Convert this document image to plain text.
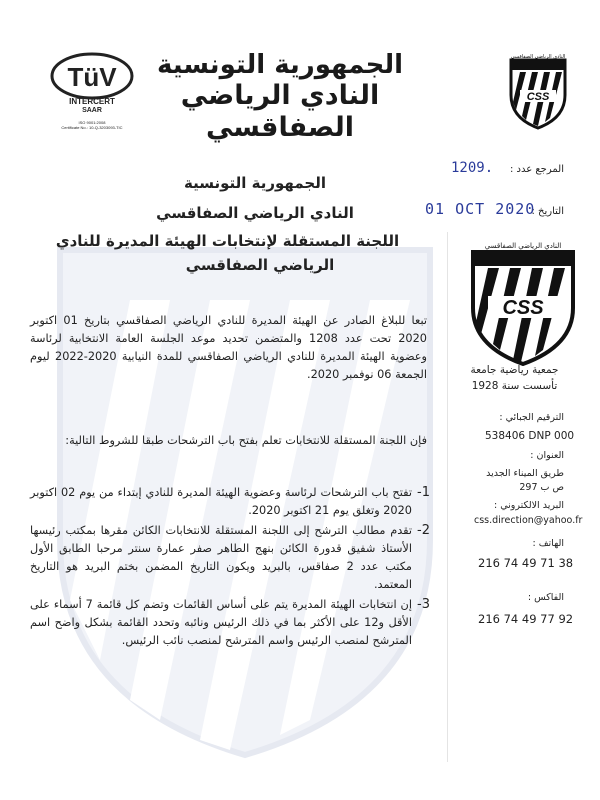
TüV
INTERCERT
SAAR
ISO 9001:2008
Certificate No.: 10-Q-3203093-TIC
الجمهورية التونسية
النادي الرياضي الصفاقسي
النادي الرياضي الصفاقسي
CSS
المرجع عدد :
1209.
التاريخ :
01 OCT 2020
الجمهورية التونسية
النادي الرياضي الصفاقسي
اللجنة المستقلة لإنتخابات الهيئة المديرة للنادي
الرياضي الصفاقسي
تبعا للبلاغ الصادر عن الهيئة المديرة للنادي الرياضي الصفاقسي بتاريخ 01 اكتوبر 2020 تحت عدد 1208 والمتضمن تحديد موعد الجلسة العامة الانتخابية لرئاسة وعضوية الهيئة المديرة للنادي الرياضي الصفاقسي للمدة النيابية 2020-2022 ليوم الجمعة 06 نوفمبر 2020.
فإن اللجنة المستقلة للانتخابات تعلم بفتح باب الترشحات طبقا للشروط التالية:
1-
تفتح باب الترشحات لرئاسة وعضوية الهيئة المديرة للنادي إبتداء من يوم 02 اكتوبر 2020 وتغلق يوم 21 اكتوبر 2020.
2-
تقدم مطالب الترشح إلى اللجنة المستقلة للانتخابات الكائن مقرها بمكتب رئيسها الأستاذ شفيق قدورة الكائن بنهج الطاهر صفر عمارة سنتر مرحبا الطابق الأول مكتب عدد 2 صفاقس، بالبريد ويكون التاريخ المضمن بختم البريد هو التاريخ المعتمد.
3-
إن انتخابات الهيئة المديرة يتم على أساس القائمات وتضم كل قائمة 7 أسماء على الأقل و12 على الأكثر بما في ذلك الرئيس ونائبه وتحدد القائمة بشكل واضح اسم المترشح لمنصب الرئيس واسم المترشح لمنصب نائب الرئيس.
النادي الرياضي الصفاقسي
CSS
جمعية رياضية جامعة
تأسست سنة 1928
الترقيم الجبائي :
538406 DNP 000
العنوان :
طريق الميناء الجديد
ص ب 297
البريد الالكتروني :
css.direction@yahoo.fr
الهاتف :
216 74 49 71 38
الفاكس :
216 74 49 77 92
